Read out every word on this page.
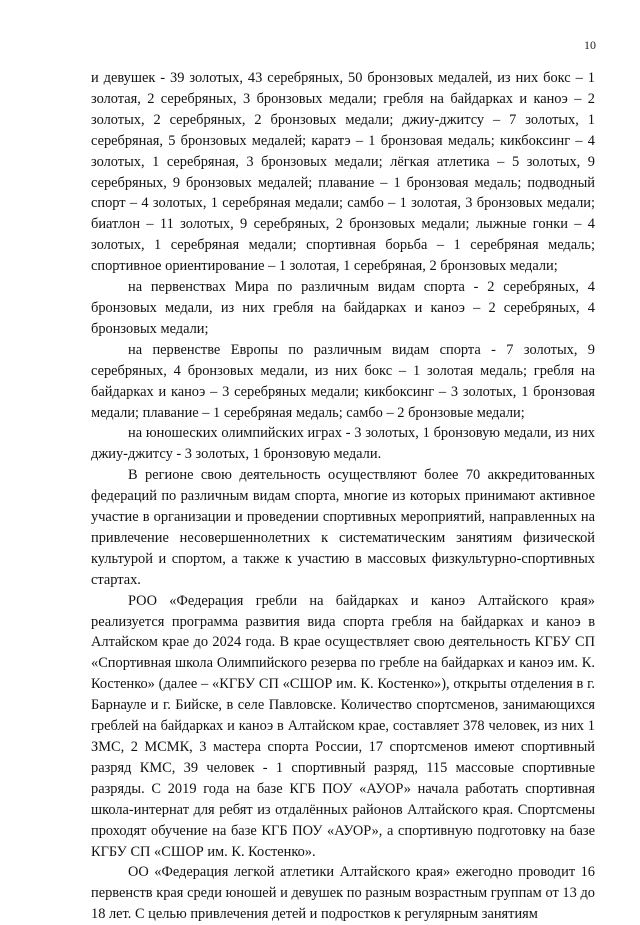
10

и девушек - 39 золотых, 43 серебряных, 50 бронзовых медалей, из них бокс – 1 золотая, 2 серебряных, 3 бронзовых медали; гребля на байдарках и каноэ – 2 золотых, 2 серебряных, 2 бронзовых медали; джиу-джитсу – 7 золотых, 1 серебряная, 5 бронзовых медалей; каратэ – 1 бронзовая медаль; кикбоксинг – 4 золотых, 1 серебряная, 3 бронзовых медали; лёгкая атлетика – 5 золотых, 9 серебряных, 9 бронзовых медалей; плавание – 1 бронзовая медаль; подводный спорт – 4 золотых, 1 серебряная медали; самбо – 1 золотая, 3 бронзовых медали; биатлон – 11 золотых, 9 серебряных, 2 бронзовых медали; лыжные гонки – 4 золотых, 1 серебряная медали; спортивная борьба – 1 серебряная медаль; спортивное ориентирование – 1 золотая, 1 серебряная, 2 бронзовых медали;

на первенствах Мира по различным видам спорта - 2 серебряных, 4 бронзовых медали, из них гребля на байдарках и каноэ – 2 серебряных, 4 бронзовых медали;

на первенстве Европы по различным видам спорта - 7 золотых, 9 серебряных, 4 бронзовых медали, из них бокс – 1 золотая медаль; гребля на байдарках и каноэ – 3 серебряных медали; кикбоксинг – 3 золотых, 1 бронзовая медали; плавание – 1 серебряная медаль; самбо – 2 бронзовые медали;

на юношеских олимпийских играх - 3 золотых, 1 бронзовую медали, из них джиу-джитсу - 3 золотых, 1 бронзовую медали.

В регионе свою деятельность осуществляют более 70 аккредитованных федераций по различным видам спорта, многие из которых принимают активное участие в организации и проведении спортивных мероприятий, направленных на привлечение несовершеннолетних к систематическим занятиям физической культурой и спортом, а также к участию в массовых физкультурно-спортивных стартах.

РОО «Федерация гребли на байдарках и каноэ Алтайского края» реализуется программа развития вида спорта гребля на байдарках и каноэ в Алтайском крае до 2024 года. В крае осуществляет свою деятельность КГБУ СП «Спортивная школа Олимпийского резерва по гребле на байдарках и каноэ им. К. Костенко» (далее – «КГБУ СП «СШОР им. К. Костенко»), открыты отделения в г. Барнауле и г. Бийске, в селе Павловске. Количество спортсменов, занимающихся греблей на байдарках и каноэ в Алтайском крае, составляет 378 человек, из них 1 ЗМС, 2 МСМК, 3 мастера спорта России, 17 спортсменов имеют спортивный разряд КМС, 39 человек - 1 спортивный разряд, 115 массовые спортивные разряды. С 2019 года на базе КГБ ПОУ «АУОР» начала работать спортивная школа-интернат для ребят из отдалённых районов Алтайского края. Спортсмены проходят обучение на базе КГБ ПОУ «АУОР», а спортивную подготовку на базе КГБУ СП «СШОР им. К. Костенко».

ОО «Федерация легкой атлетики Алтайского края» ежегодно проводит 16 первенств края среди юношей и девушек по разным возрастным группам от 13 до 18 лет. С целью привлечения детей и подростков к регулярным занятиям
